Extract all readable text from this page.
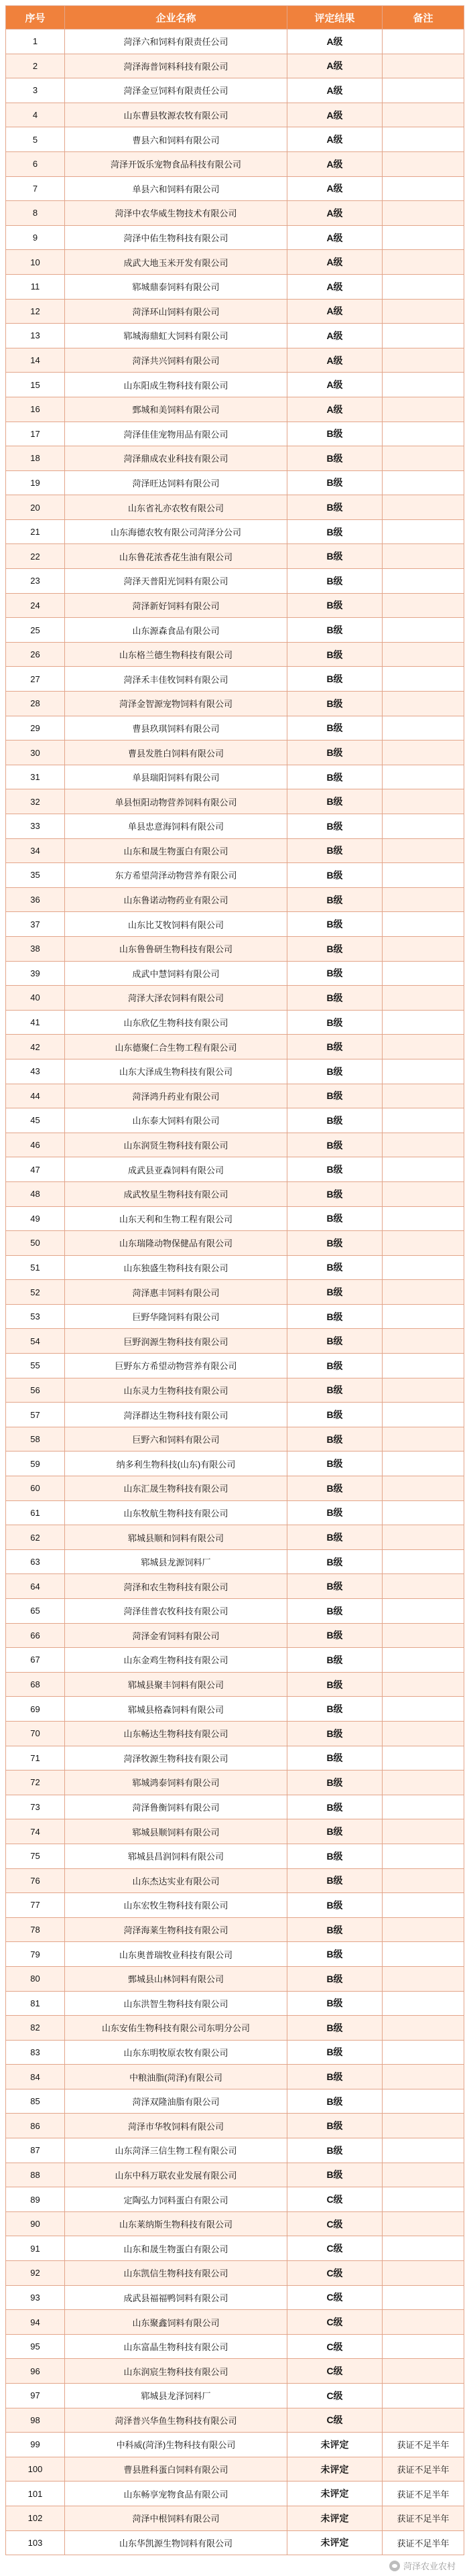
序号	企业名称	评定结果	备注
1	菏泽六和饲料有限责任公司	A级	
2	菏泽海普饲料科技有限公司	A级	
3	菏泽金豆饲料有限责任公司	A级	
4	山东曹县牧源农牧有限公司	A级	
5	曹县六和饲料有限公司	A级	
6	菏泽开饭乐宠物食品科技有限公司	A级	
7	单县六和饲料有限公司	A级	
8	菏泽中农华威生物技术有限公司	A级	
9	菏泽中佑生物科技有限公司	A级	
10	成武大地玉米开发有限公司	A级	
11	郓城鼎泰饲料有限公司	A级	
12	菏泽环山饲料有限公司	A级	
13	郓城海鼎虹大饲料有限公司	A级	
14	菏泽共兴饲料有限公司	A级	
15	山东阳成生物科技有限公司	A级	
16	鄄城和美饲料有限公司	A级	
17	菏泽佳佳宠物用品有限公司	B级	
18	菏泽鼎成农业科技有限公司	B级	
19	菏泽旺达饲料有限公司	B级	
20	山东省礼亦农牧有限公司	B级	
21	山东海德农牧有限公司菏泽分公司	B级	
22	山东鲁花浓香花生油有限公司	B级	
23	菏泽天普阳光饲料有限公司	B级	
24	菏泽新好饲料有限公司	B级	
25	山东源森食品有限公司	B级	
26	山东格兰德生物科技有限公司	B级	
27	菏泽禾丰佳牧饲料有限公司	B级	
28	菏泽金智源宠物饲料有限公司	B级	
29	曹县玖琪饲料有限公司	B级	
30	曹县发胜白饲料有限公司	B级	
31	单县瑞阳饲料有限公司	B级	
32	单县恒阳动物营养饲料有限公司	B级	
33	单县忠意海饲料有限公司	B级	
34	山东和晟生物蛋白有限公司	B级	
35	东方希望菏泽动物营养有限公司	B级	
36	山东鲁诺动物药业有限公司	B级	
37	山东比艾牧饲料有限公司	B级	
38	山东鲁鲁研生物科技有限公司	B级	
39	成武中慧饲料有限公司	B级	
40	菏泽大泽农饲料有限公司	B级	
41	山东欣亿生物科技有限公司	B级	
42	山东德聚仁合生物工程有限公司	B级	
43	山东大泽成生物科技有限公司	B级	
44	菏泽鸿升药业有限公司	B级	
45	山东泰大饲料有限公司	B级	
46	山东润贤生物科技有限公司	B级	
47	成武县亚森饲料有限公司	B级	
48	成武牧星生物科技有限公司	B级	
49	山东天利和生物工程有限公司	B级	
50	山东瑞隆动物保健品有限公司	B级	
51	山东独盛生物科技有限公司	B级	
52	菏泽惠丰饲料有限公司	B级	
53	巨野华隆饲料有限公司	B级	
54	巨野润源生物科技有限公司	B级	
55	巨野东方希望动物营养有限公司	B级	
56	山东灵力生物科技有限公司	B级	
57	菏泽群达生物科技有限公司	B级	
58	巨野六和饲料有限公司	B级	
59	纳多利生物科技(山东)有限公司	B级	
60	山东汇晟生物科技有限公司	B级	
61	山东牧航生物科技有限公司	B级	
62	郓城县顺和饲料有限公司	B级	
63	郓城县龙源饲料厂	B级	
64	菏泽和农生物科技有限公司	B级	
65	菏泽佳普农牧科技有限公司	B级	
66	菏泽金宥饲料有限公司	B级	
67	山东金鸡生物科技有限公司	B级	
68	郓城县聚丰饲料有限公司	B级	
69	郓城县格森饲料有限公司	B级	
70	山东畅达生物科技有限公司	B级	
71	菏泽牧源生物科技有限公司	B级	
72	郓城鸿泰饲料有限公司	B级	
73	菏泽鲁衡饲料有限公司	B级	
74	郓城县顺饲料有限公司	B级	
75	郓城县昌润饲料有限公司	B级	
76	山东杰达实业有限公司	B级	
77	山东宏牧生物科技有限公司	B级	
78	菏泽海莱生物科技有限公司	B级	
79	山东奥普瑞牧业科技有限公司	B级	
80	鄄城县山林饲料有限公司	B级	
81	山东洪智生物科技有限公司	B级	
82	山东安佑生物科技有限公司东明分公司	B级	
83	山东东明牧原农牧有限公司	B级	
84	中粮油脂(菏泽)有限公司	B级	
85	菏泽双隆油脂有限公司	B级	
86	菏泽市华牧饲料有限公司	B级	
87	山东菏泽三信生物工程有限公司	B级	
88	山东中科万联农业发展有限公司	B级	
89	定陶弘力饲料蛋白有限公司	C级	
90	山东莱纳斯生物科技有限公司	C级	
91	山东和晟生物蛋白有限公司	C级	
92	山东凯信生物科技有限公司	C级	
93	成武县福福鸭饲料有限公司	C级	
94	山东聚鑫饲料有限公司	C级	
95	山东富晶生物科技有限公司	C级	
96	山东润宸生物科技有限公司	C级	
97	郓城县龙泽饲料厂	C级	
98	菏泽普兴华鱼生物科技有限公司	C级	
99	中科威(菏泽)生物科技有限公司	未评定	获证不足半年
100	曹县胜科蛋白饲料有限公司	未评定	获证不足半年
101	山东畅享宠物食品有限公司	未评定	获证不足半年
102	菏泽中根饲料有限公司	未评定	获证不足半年
103	山东华凯源生物饲料有限公司	未评定	获证不足半年
菏泽农业农村
